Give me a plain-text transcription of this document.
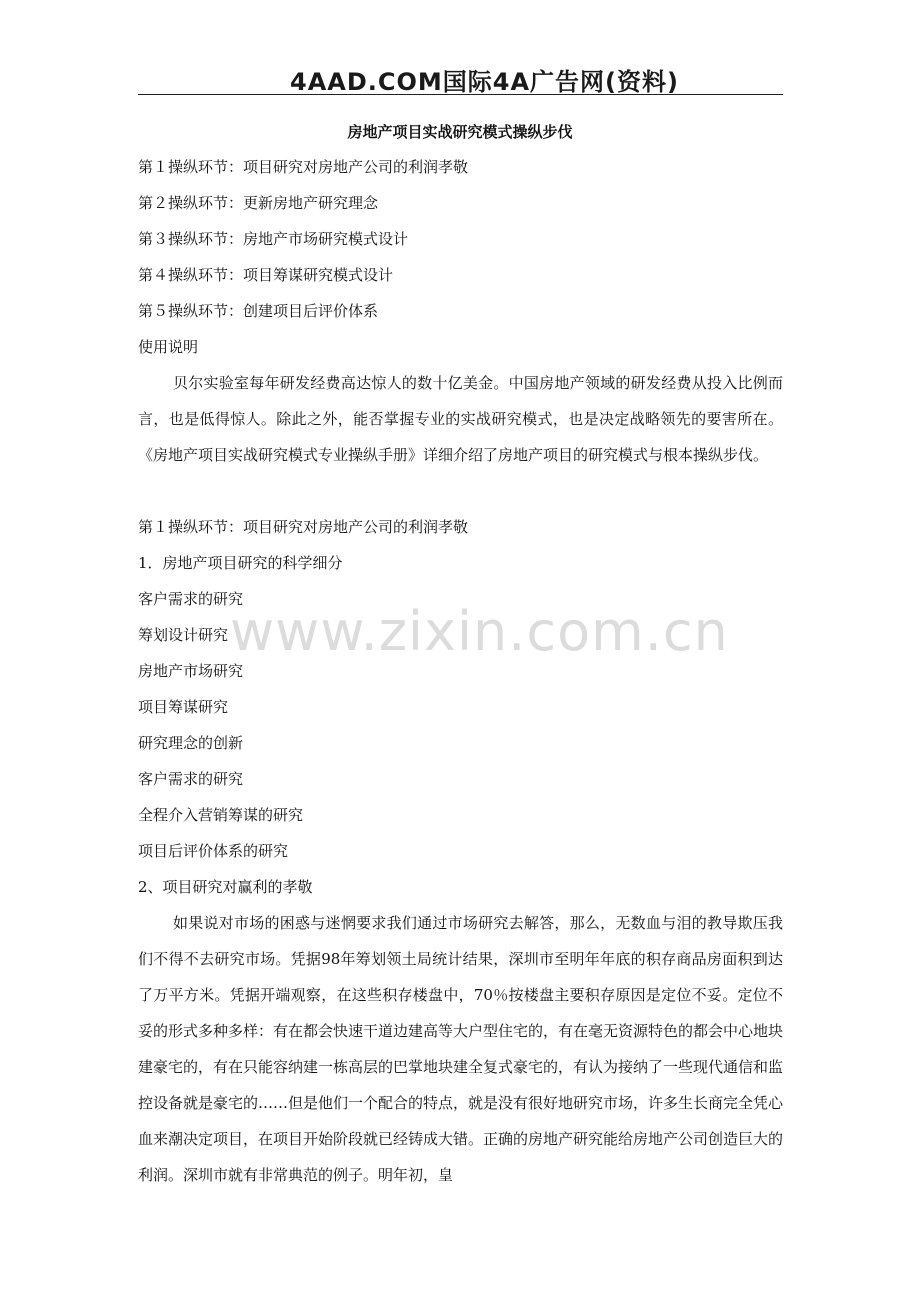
4AAD.COM国际4A广告网(资料)
www.zixin.com.cn
房地产项目实战研究模式操纵步伐
第１操纵环节：项目研究对房地产公司的利润孝敬
第２操纵环节：更新房地产研究理念
第３操纵环节：房地产市场研究模式设计
第４操纵环节：项目筹谋研究模式设计
第５操纵环节：创建项目后评价体系
使用说明

贝尔实验室每年研发经费高达惊人的数十亿美金。中国房地产领域的研发经费从投入比例而言，也是低得惊人。除此之外，能否掌握专业的实战研究模式，也是决定战略领先的要害所在。《房地产项目实战研究模式专业操纵手册》详细介绍了房地产项目的研究模式与根本操纵步伐。

第１操纵环节：项目研究对房地产公司的利润孝敬
1．房地产项目研究的科学细分
客户需求的研究
筹划设计研究
房地产市场研究
项目筹谋研究
研究理念的创新
客户需求的研究
全程介入营销筹谋的研究
项目后评价体系的研究
2、项目研究对赢利的孝敬

如果说对市场的困惑与迷惘要求我们通过市场研究去解答，那么，无数血与泪的教导欺压我们不得不去研究市场。凭据98年筹划领土局统计结果，深圳市至明年年底的积存商品房面积到达了万平方米。凭据开端观察，在这些积存楼盘中，70％按楼盘主要积存原因是定位不妥。定位不妥的形式多种多样：有在都会快速干道边建高等大户型住宅的，有在毫无资源特色的都会中心地块建豪宅的，有在只能容纳建一栋高层的巴掌地块建全复式豪宅的，有认为接纳了一些现代通信和监控设备就是豪宅的……但是他们一个配合的特点，就是没有很好地研究市场，许多生长商完全凭心血来潮决定项目，在项目开始阶段就已经铸成大错。正确的房地产研究能给房地产公司创造巨大的利润。深圳市就有非常典范的例子。明年初，皇
